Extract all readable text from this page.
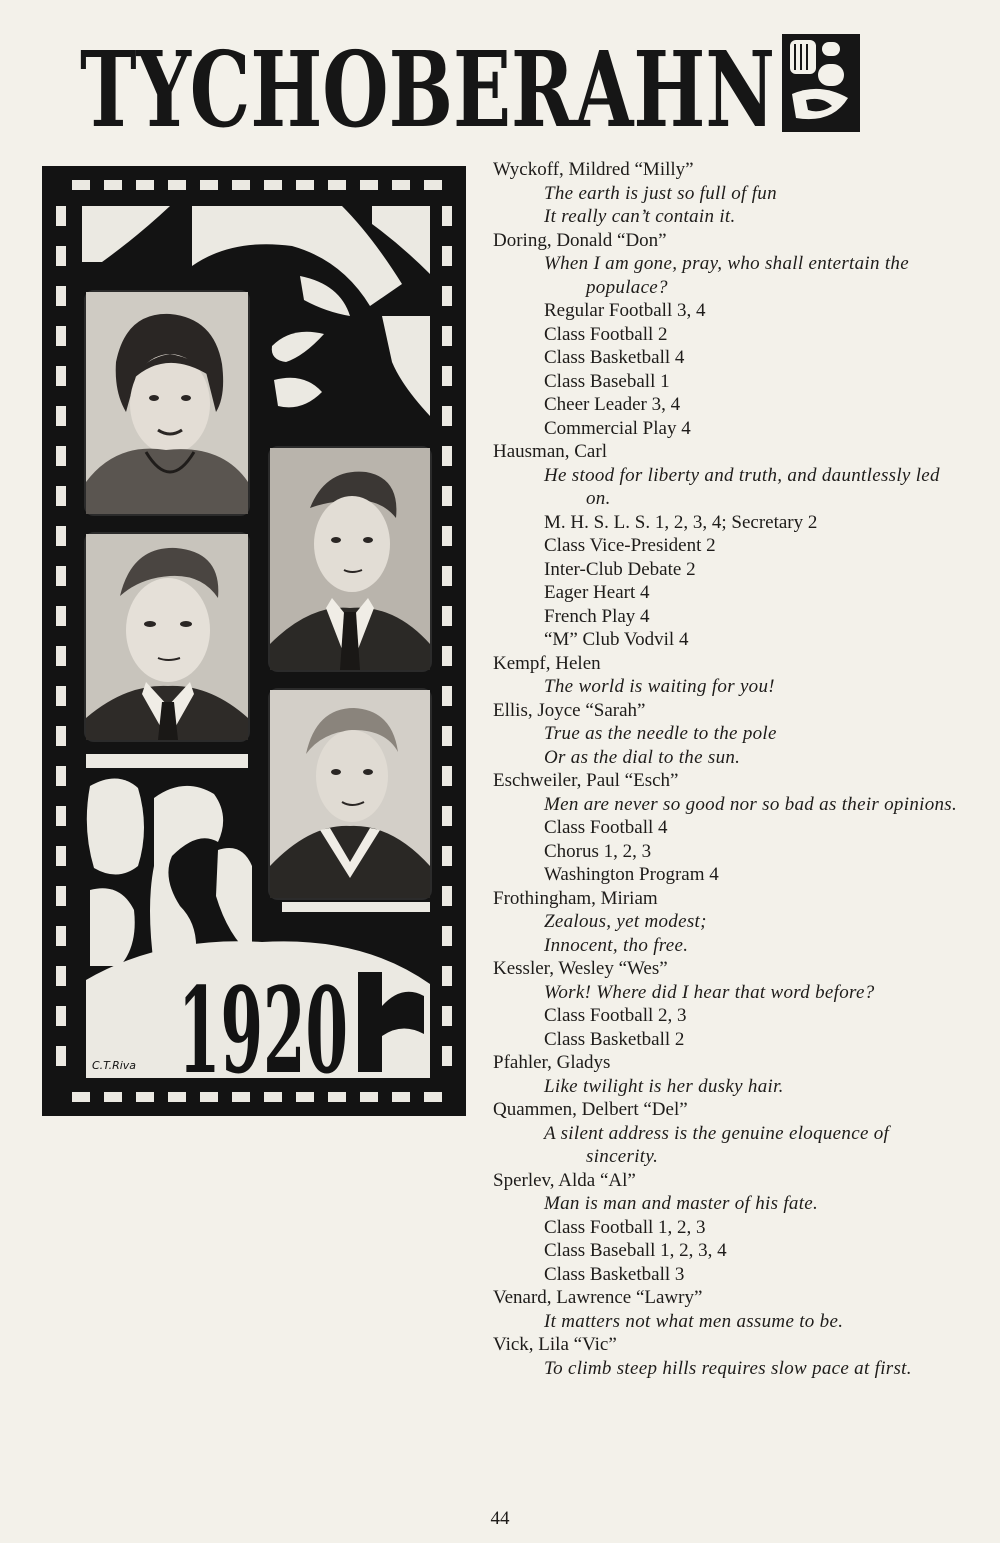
TYCHOBERAHN
1920
C.T.Riva
Wyckoff, Mildred “Milly”
The earth is just so full of fun
It really can’t contain it.
Doring, Donald “Don”
When I am gone, pray, who shall entertain the populace?
Regular Football 3, 4
Class Football 2
Class Basketball 4
Class Baseball 1
Cheer Leader 3, 4
Commercial Play 4
Hausman, Carl
He stood for liberty and truth, and dauntlessly led on.
M. H. S. L. S. 1, 2, 3, 4; Secretary 2
Class Vice-President 2
Inter-Club Debate 2
Eager Heart 4
French Play 4
“M” Club Vodvil 4
Kempf, Helen
The world is waiting for you!
Ellis, Joyce “Sarah”
True as the needle to the pole
Or as the dial to the sun.
Eschweiler, Paul “Esch”
Men are never so good nor so bad as their opinions.
Class Football 4
Chorus 1, 2, 3
Washington Program 4
Frothingham, Miriam
Zealous, yet modest;
Innocent, tho free.
Kessler, Wesley “Wes”
Work! Where did I hear that word before?
Class Football 2, 3
Class Basketball 2
Pfahler, Gladys
Like twilight is her dusky hair.
Quammen, Delbert “Del”
A silent address is the genuine eloquence of sincerity.
Sperlev, Alda “Al”
Man is man and master of his fate.
Class Football 1, 2, 3
Class Baseball 1, 2, 3, 4
Class Basketball 3
Venard, Lawrence “Lawry”
It matters not what men assume to be.
Vick, Lila “Vic”
To climb steep hills requires slow pace at first.
44
